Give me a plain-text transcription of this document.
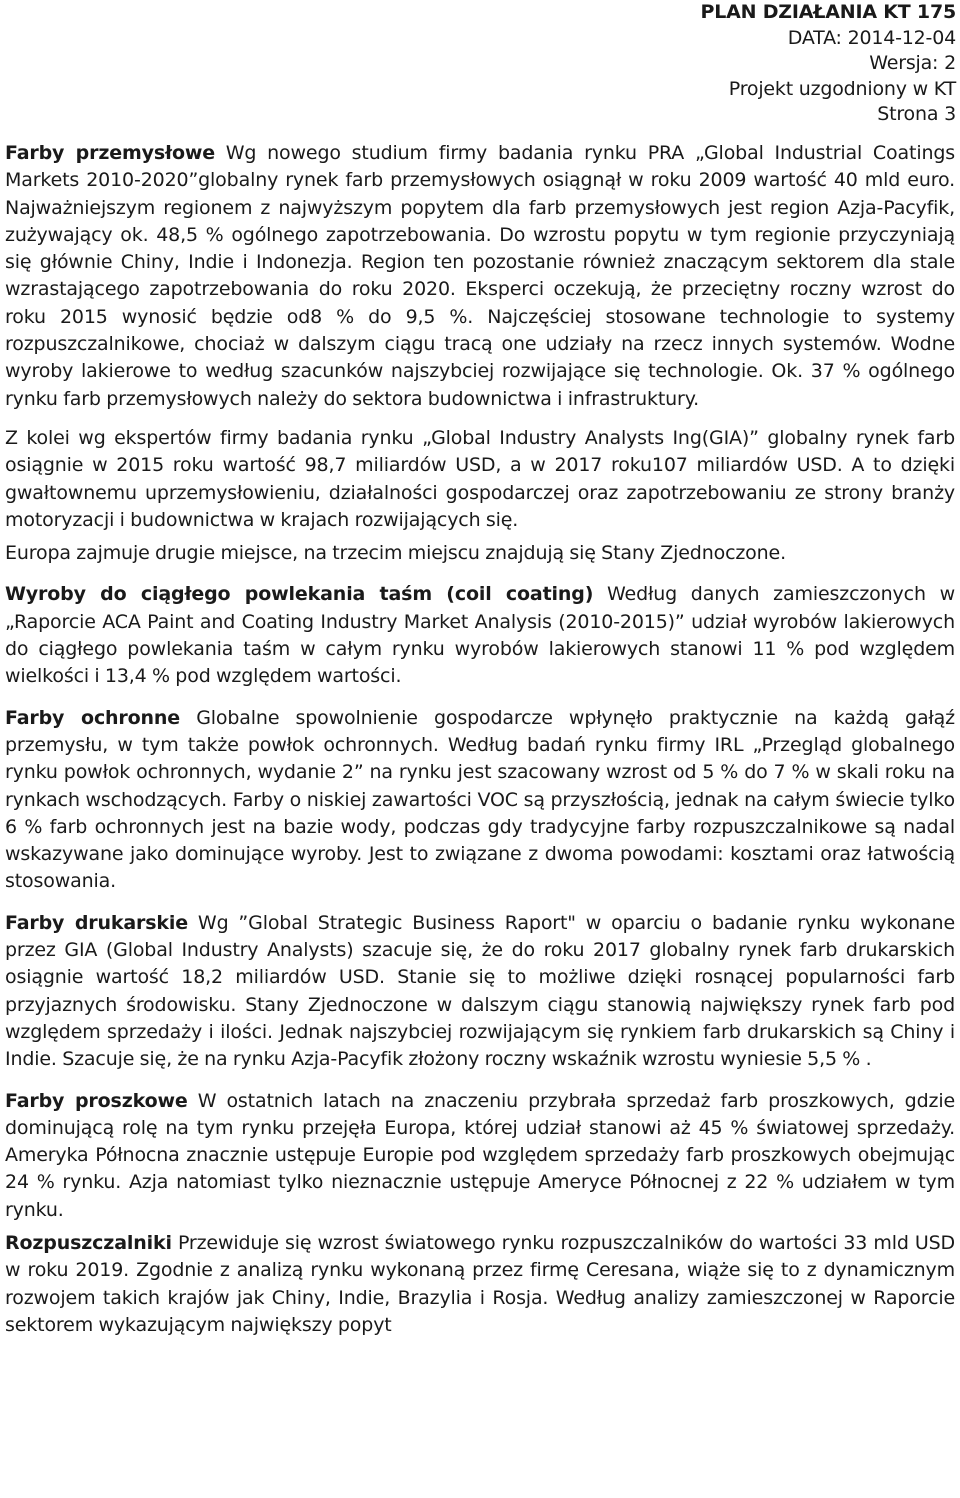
PLAN DZIAŁANIA KT 175
DATA: 2014-12-04
Wersja: 2
Projekt uzgodniony w KT
Strona 3

Farby przemysłowe Wg nowego studium firmy badania rynku PRA „Global Industrial Coatings Markets 2010-2020”globalny rynek farb przemysłowych osiągnął w roku 2009 wartość 40 mld euro. Najważniejszym regionem z najwyższym popytem dla farb przemysłowych jest region Azja-Pacyfik, zużywający ok. 48,5 % ogólnego zapotrzebowania. Do wzrostu popytu w tym regionie przyczyniają się głównie Chiny, Indie i Indonezja. Region ten pozostanie również znaczącym sektorem dla stale wzrastającego zapotrzebowania do roku 2020. Eksperci oczekują, że przeciętny roczny wzrost do roku 2015 wynosić będzie od8 % do 9,5 %. Najczęściej stosowane technologie to systemy rozpuszczalnikowe, chociaż w dalszym ciągu tracą one udziały na rzecz innych systemów. Wodne wyroby lakierowe to według szacunków najszybciej rozwijające się technologie. Ok. 37 % ogólnego rynku farb przemysłowych należy do sektora budownictwa i infrastruktury.

Z kolei wg ekspertów firmy badania rynku „Global Industry Analysts Ing(GIA)” globalny rynek farb osiągnie w 2015 roku wartość 98,7 miliardów USD, a w 2017 roku107 miliardów USD. A to dzięki gwałtownemu uprzemysłowieniu, działalności gospodarczej oraz zapotrzebowaniu ze strony branży motoryzacji i budownictwa w krajach rozwijających się.

Europa zajmuje drugie miejsce, na trzecim miejscu znajdują się Stany Zjednoczone.

Wyroby do ciągłego powlekania taśm (coil coating) Według danych zamieszczonych w „Raporcie ACA Paint and Coating Industry Market Analysis (2010-2015)” udział wyrobów lakierowych do ciągłego powlekania taśm w całym rynku wyrobów lakierowych stanowi 11 % pod względem wielkości i 13,4 % pod względem wartości.

Farby ochronne Globalne spowolnienie gospodarcze wpłynęło praktycznie na każdą gałąź przemysłu, w tym także powłok ochronnych. Według badań rynku firmy IRL „Przegląd globalnego rynku powłok ochronnych, wydanie 2” na rynku jest szacowany wzrost od 5 % do 7 % w skali roku na rynkach wschodzących. Farby o niskiej zawartości VOC są przyszłością, jednak na całym świecie tylko 6 % farb ochronnych jest na bazie wody, podczas gdy tradycyjne farby rozpuszczalnikowe są nadal wskazywane jako dominujące wyroby. Jest to związane z dwoma powodami: kosztami oraz łatwością stosowania.

Farby drukarskie Wg ”Global Strategic Business Raport" w oparciu o badanie rynku wykonane przez GIA (Global Industry Analysts) szacuje się, że do roku 2017 globalny rynek farb drukarskich osiągnie wartość 18,2 miliardów USD. Stanie się to możliwe dzięki rosnącej popularności farb przyjaznych środowisku. Stany Zjednoczone w dalszym ciągu stanowią największy rynek farb pod względem sprzedaży i ilości. Jednak najszybciej rozwijającym się rynkiem farb drukarskich są Chiny i Indie. Szacuje się, że na rynku Azja-Pacyfik złożony roczny wskaźnik wzrostu wyniesie 5,5 % .

Farby proszkowe W ostatnich latach na znaczeniu przybrała sprzedaż farb proszkowych, gdzie dominującą rolę na tym rynku przejęła Europa, której udział stanowi aż 45 % światowej sprzedaży. Ameryka Północna znacznie ustępuje Europie pod względem sprzedaży farb proszkowych obejmując 24 % rynku. Azja natomiast tylko nieznacznie ustępuje Ameryce Północnej z 22 % udziałem w tym rynku.

Rozpuszczalniki Przewiduje się wzrost światowego rynku rozpuszczalników do wartości 33 mld USD w roku 2019. Zgodnie z analizą rynku wykonaną przez firmę Ceresana, wiąże się to z dynamicznym rozwojem takich krajów jak Chiny, Indie, Brazylia i Rosja. Według analizy zamieszczonej w Raporcie sektorem wykazującym największy popyt
